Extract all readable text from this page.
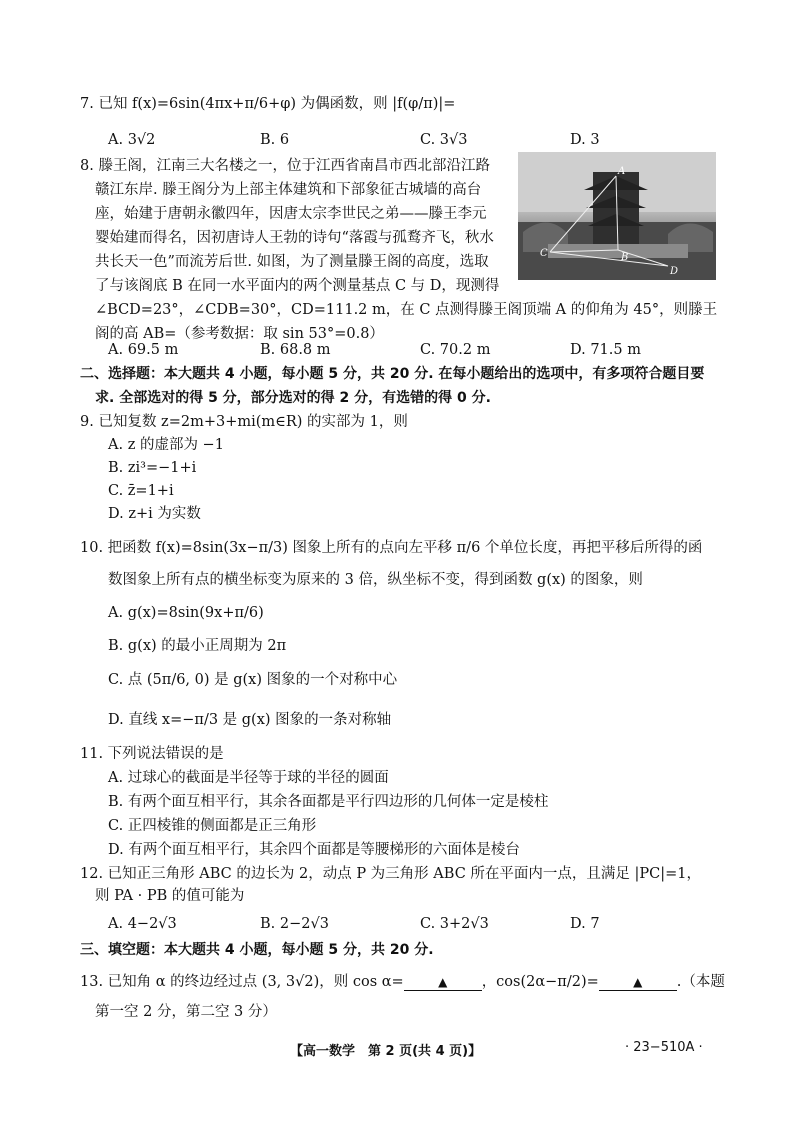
7. 已知 f(x)=6sin(4πx+π/6+φ) 为偶函数，则 |f(φ/π)|=
A. 3√2	B. 6	C. 3√3	D. 3
8. 滕王阁，江南三大名楼之一，位于江西省南昌市西北部沿江路
赣江东岸. 滕王阁分为上部主体建筑和下部象征古城墙的高台
座，始建于唐朝永徽四年，因唐太宗李世民之弟——滕王李元
婴始建而得名，因初唐诗人王勃的诗句“落霞与孤鹜齐飞，秋水
共长天一色”而流芳后世. 如图，为了测量滕王阁的高度，选取
了与该阁底 B 在同一水平面内的两个测量基点 C 与 D，现测得
∠BCD=23°，∠CDB=30°，CD=111.2 m，在 C 点测得滕王阁顶端 A 的仰角为 45°，则滕王
阁的高 AB=（参考数据：取 sin 53°=0.8）
A
B
C
D
A. 69.5 m	B. 68.8 m	C. 70.2 m	D. 71.5 m
二、选择题：本大题共 4 小题，每小题 5 分，共 20 分. 在每小题给出的选项中，有多项符合题目要
求. 全部选对的得 5 分，部分选对的得 2 分，有选错的得 0 分.
9. 已知复数 z=2m+3+mi(m∈R) 的实部为 1，则
A. z 的虚部为 −1
B. zi³=−1+i
C. z̄=1+i
D. z+i 为实数
10. 把函数 f(x)=8sin(3x−π/3) 图象上所有的点向左平移 π/6 个单位长度，再把平移后所得的函
数图象上所有点的横坐标变为原来的 3 倍，纵坐标不变，得到函数 g(x) 的图象，则
A. g(x)=8sin(9x+π/6)
B. g(x) 的最小正周期为 2π
C. 点 (5π/6, 0) 是 g(x) 图象的一个对称中心
D. 直线 x=−π/3 是 g(x) 图象的一条对称轴
11. 下列说法错误的是
A. 过球心的截面是半径等于球的半径的圆面
B. 有两个面互相平行，其余各面都是平行四边形的几何体一定是棱柱
C. 正四棱锥的侧面都是正三角形
D. 有两个面互相平行，其余四个面都是等腰梯形的六面体是棱台
12. 已知正三角形 ABC 的边长为 2，动点 P 为三角形 ABC 所在平面内一点，且满足 |PC|=1，
则 PA · PB 的值可能为
A. 4−2√3	B. 2−2√3	C. 3+2√3	D. 7
三、填空题：本大题共 4 小题，每小题 5 分，共 20 分.
13. 已知角 α 的终边经过点 (3, 3√2)，则 cos α=	▲ ，cos(2α−π/2)=	▲ .（本题
第一空 2 分，第二空 3 分）
【高一数学　第 2 页(共 4 页)】	· 23−510A ·
